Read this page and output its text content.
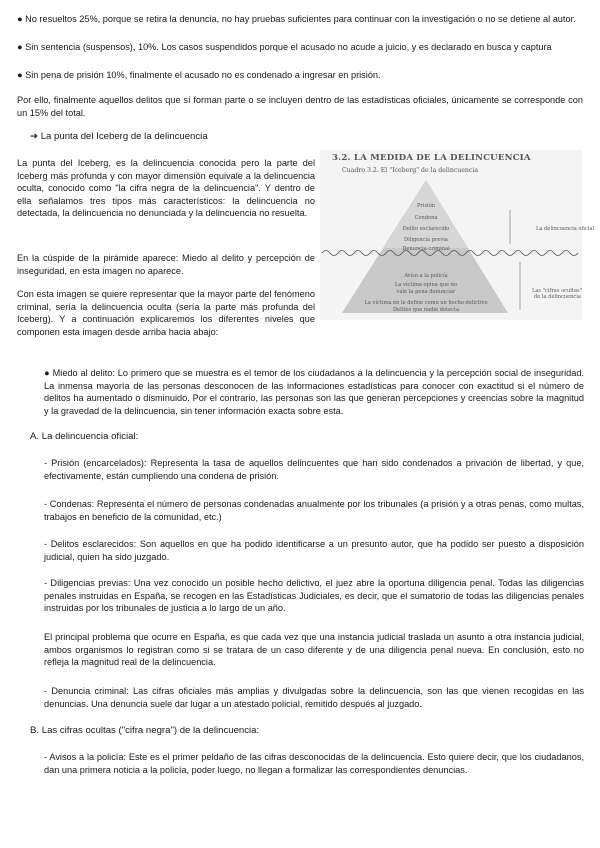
● No resueltos 25%, porque se retira la denuncia, no hay pruebas suficientes para continuar con la investigación o no se detiene al autor.

● Sin sentencia (suspensos), 10%. Los casos suspendidos porque el acusado no acude a juicio, y es declarado en busca y captura

● Sin pena de prisión 10%, finalmente el acusado no es condenado a ingresar en prisión.

Por ello, finalmente aquellos delitos que sí forman parte o se incluyen dentro de las estadísticas oficiales, únicamente se corresponde con un 15% del total.

➔ La punta del Iceberg de la delincuencia

La punta del Iceberg, es la delincuencia conocida pero la parte del Iceberg más profunda y con mayor dimensión equivale a la delincuencia oculta, conocido como "la cifra negra de la delincuencia". Y dentro de ella señalamos tres tipos más característicos: la delincuencia no detectada, la delincuencia no denunciada y la delincuencia no resuelta.

En la cúspide de la pirámide aparece: Miedo al delito y percepción de inseguridad, en esta imagen no aparece.

Con esta imagen se quiere representar que la mayor parte del fenómeno criminal, sería la delincuencia oculta (sería la parte más profunda del Iceberg). Y a continuación explicaremos los diferentes niveles que componen esta imagen desde arriba hacia abajo:

3.2. LA MEDIDA DE LA DELINCUENCIA
Cuadro 3.2. El "Iceberg" de la delincuencia
Prisión
Condena
Delito esclarecido
Diligencia previa
Denuncia criminal
Aviso a la policía
La víctima opina que no
vale la pena denunciar
La víctima no le define como un hecho delictivo
Delitos que nadie detecta
La delincuencia oficial
Las "cifras ocultas"
de la delincuencia

● Miedo al delito: Lo primero que se muestra es el temor de los ciudadanos a la delincuencia y la percepción social de inseguridad. La inmensa mayoría de las personas desconocen de las informaciones estadísticas para conocer con exactitud si el número de delitos ha aumentado o disminuido. Por el contrario, las personas son las que generan percepciones y creencias sobre la magnitud y la gravedad de la delincuencia, sin tener información exacta sobre esta.

A. La delincuencia oficial:

- Prisión (encarcelados): Representa la tasa de aquellos delincuentes que han sido condenados a privación de libertad, y que, efectivamente, están cumpliendo una condena de prisión.

- Condenas: Representa el número de personas condenadas anualmente por los tribunales (a prisión y a otras penas, como multas, trabajos en beneficio de la comunidad, etc.)

- Delitos esclarecidos: Son aquellos en que ha podido identificarse a un presunto autor, que ha podido ser puesto a disposición judicial, quien ha sido juzgado.

- Diligencias previas: Una vez conocido un posible hecho delictivo, el juez abre la oportuna diligencia penal. Todas las diligencias penales instruidas en España, se recogen en las Estadísticas Judiciales, es decir, que el sumatorio de todas las diligencias penales instruidas por los tribunales de justicia a lo largo de un año.

El principal problema que ocurre en España, es que cada vez que una instancia judicial traslada un asunto a otra instancia judicial, ambos organismos lo registran como si se tratara de un caso diferente y de una diligencia penal nueva. En conclusión, esto no refleja la magnitud real de la delincuencia.

- Denuncia criminal: Las cifras oficiales más amplias y divulgadas sobre la delincuencia, son las que vienen recogidas en las denuncias. Una denuncia suele dar lugar a un atestado policial, remitido después al juzgado.

B. Las cifras ocultas ("cifra negra") de la delincuencia:

- Avisos a la policía: Este es el primer peldaño de las cifras desconocidas de la delincuencia. Esto quiere decir, que los ciudadanos, dan una primera noticia a la policía, poder luego, no llegan a formalizar las correspondientes denuncias.
